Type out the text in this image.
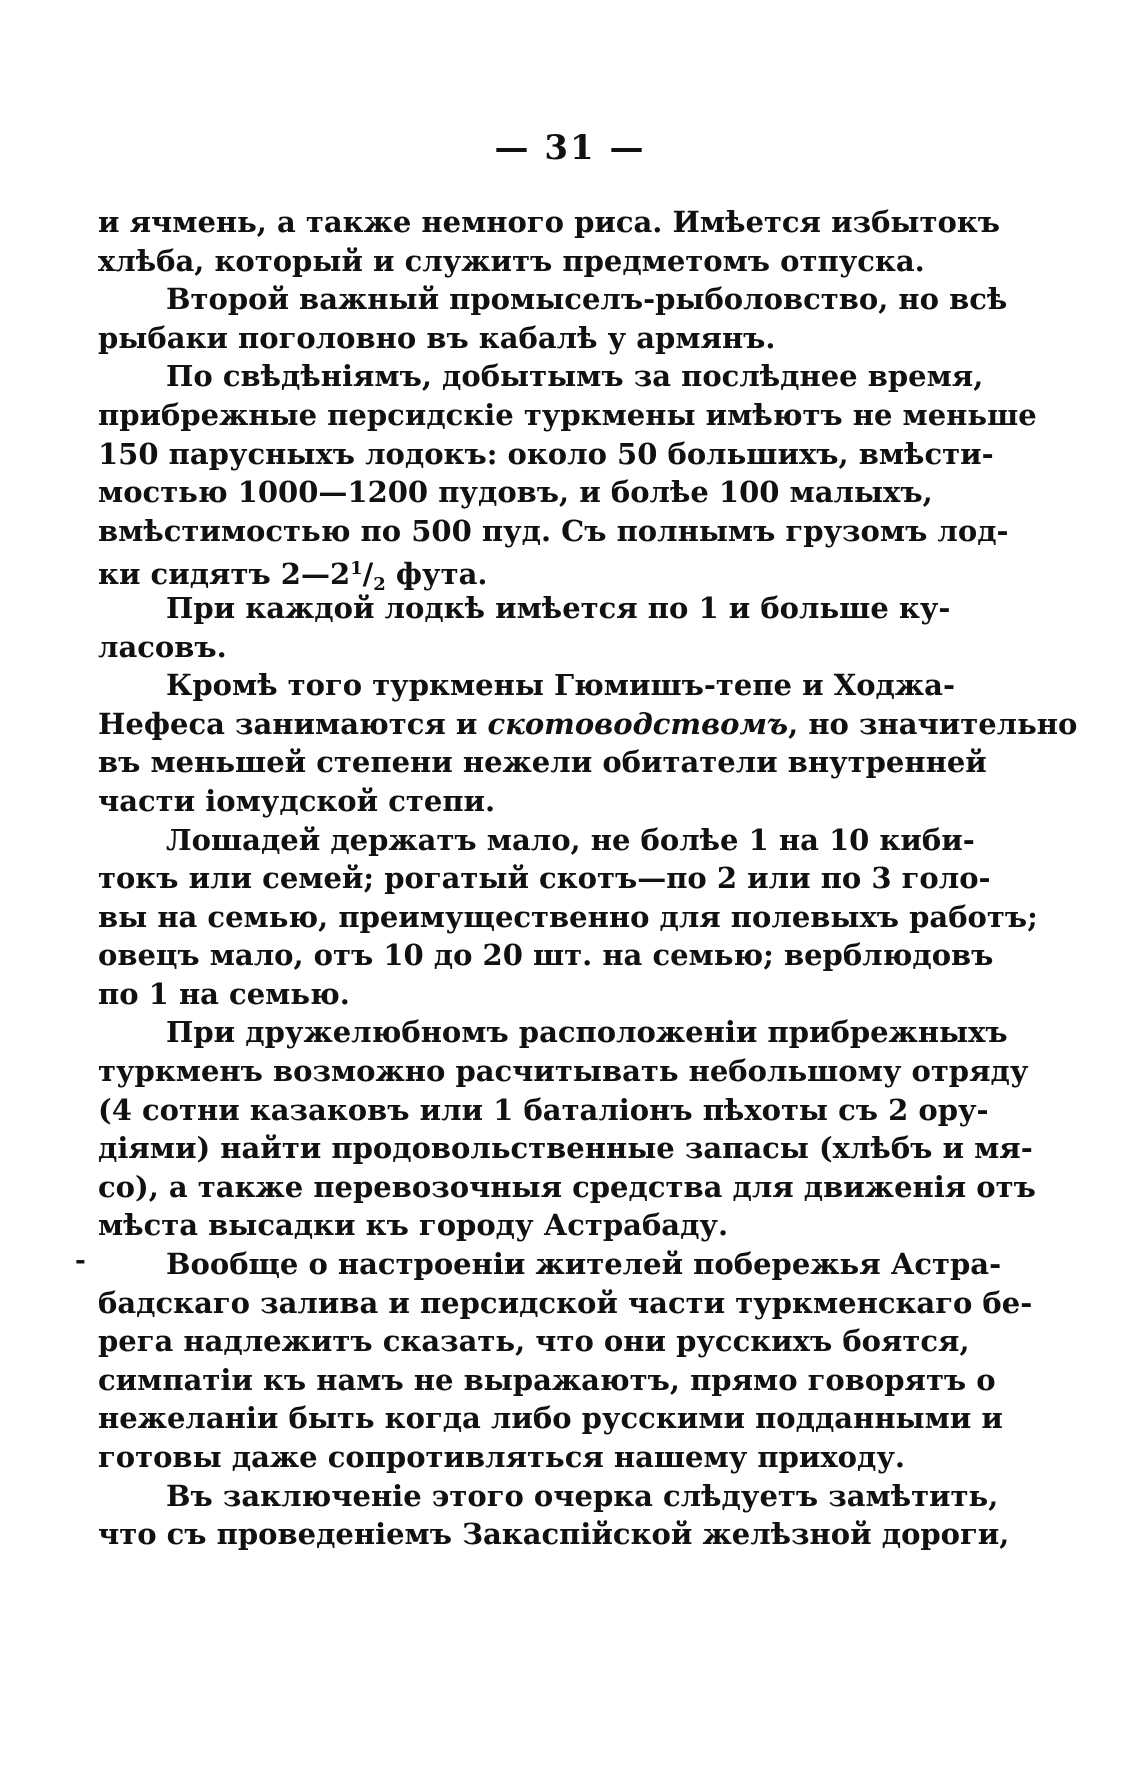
— 31 —
-
и ячмень, а также немного риса. Имѣется избытокъ
хлѣба, который и служитъ предметомъ отпуска.
Второй важный промыселъ-рыболовство, но всѣ
рыбаки поголовно въ кабалѣ у армянъ.
По свѣдѣніямъ, добытымъ за послѣднее время,
прибрежные персидскіе туркмены имѣютъ не меньше
150 парусныхъ лодокъ: около 50 большихъ, вмѣсти-
мостью 1000—1200 пудовъ, и болѣе 100 малыхъ,
вмѣстимостью по 500 пуд. Съ полнымъ грузомъ лод-
ки сидятъ $2—2^1/_2$ фута.
При каждой лодкѣ имѣется по 1 и больше ку-
ласовъ.
Кромѣ того туркмены Гюмишъ-тепе и Ходжа-
Нефеса занимаются и скотоводствомъ, но значительно
въ меньшей степени нежели обитатели внутренней
части іомудской степи.
Лошадей держатъ мало, не болѣе 1 на 10 киби-
токъ или семей; рогатый скотъ—по 2 или по 3 голо-
вы на семью, преимущественно для полевыхъ работъ;
овецъ мало, отъ 10 до 20 шт. на семью; верблюдовъ
по 1 на семью.
При дружелюбномъ расположеніи прибрежныхъ
туркменъ возможно расчитывать небольшому отряду
(4 сотни казаковъ или 1 баталіонъ пѣхоты съ 2 ору-
діями) найти продовольственные запасы (хлѣбъ и мя-
со), а также перевозочныя средства для движенія отъ
мѣста высадки къ городу Астрабаду.
Вообще о настроеніи жителей побережья Астра-
бадскаго залива и персидской части туркменскаго бе-
рега надлежитъ сказать, что они русскихъ боятся,
симпатіи къ намъ не выражаютъ, прямо говорятъ о
нежеланіи быть когда либо русскими подданными и
готовы даже сопротивляться нашему приходу.
Въ заключеніе этого очерка слѣдуетъ замѣтить,
что съ проведеніемъ Закаспійской желѣзной дороги,
